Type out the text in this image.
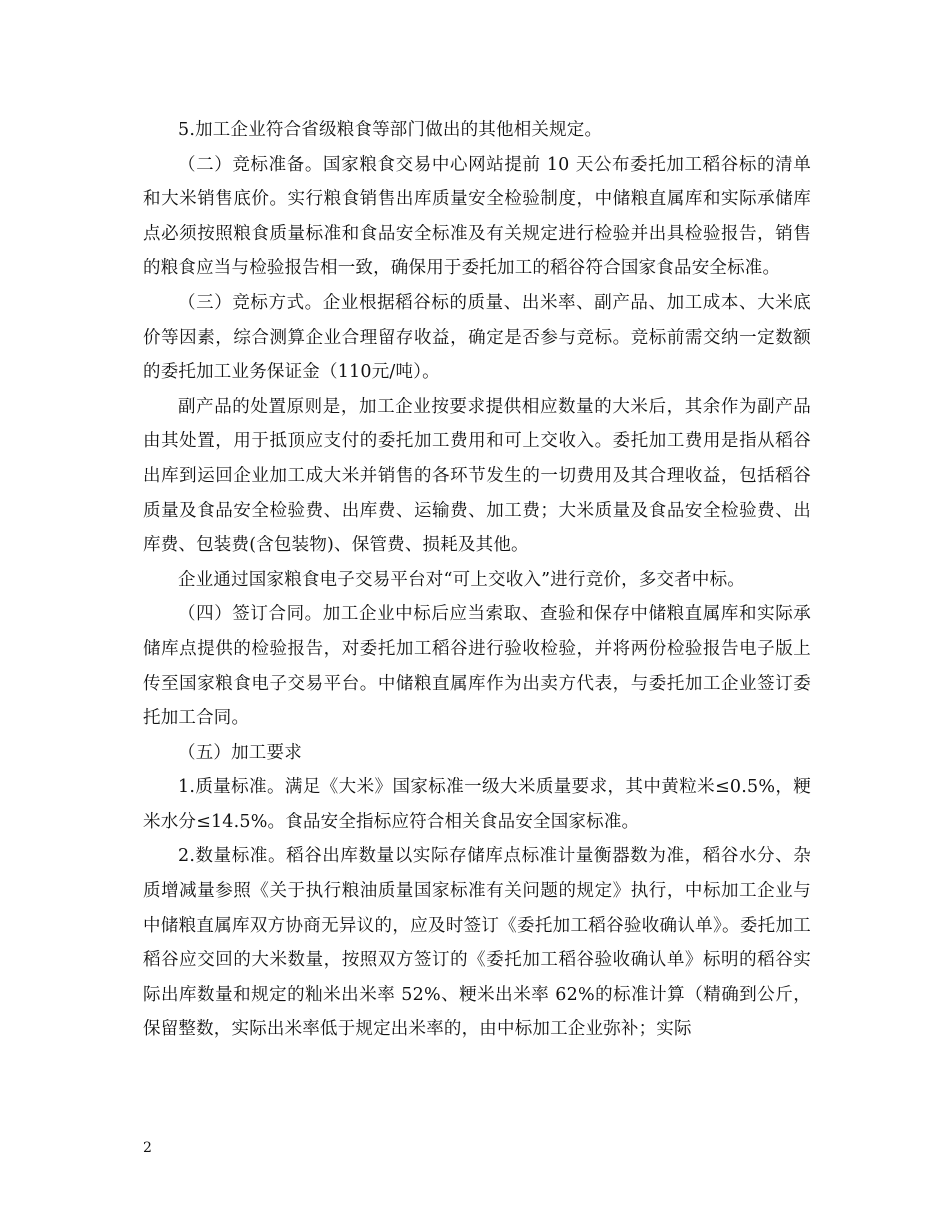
5.加工企业符合省级粮食等部门做出的其他相关规定。

（二）竞标准备。国家粮食交易中心网站提前 10 天公布委托加工稻谷标的清单和大米销售底价。实行粮食销售出库质量安全检验制度，中储粮直属库和实际承储库点必须按照粮食质量标准和食品安全标准及有关规定进行检验并出具检验报告，销售的粮食应当与检验报告相一致，确保用于委托加工的稻谷符合国家食品安全标准。

（三）竞标方式。企业根据稻谷标的质量、出米率、副产品、加工成本、大米底价等因素，综合测算企业合理留存收益，确定是否参与竞标。竞标前需交纳一定数额的委托加工业务保证金（110元/吨）。

副产品的处置原则是，加工企业按要求提供相应数量的大米后，其余作为副产品由其处置，用于抵顶应支付的委托加工费用和可上交收入。委托加工费用是指从稻谷出库到运回企业加工成大米并销售的各环节发生的一切费用及其合理收益，包括稻谷质量及食品安全检验费、出库费、运输费、加工费；大米质量及食品安全检验费、出库费、包装费(含包装物)、保管费、损耗及其他。

企业通过国家粮食电子交易平台对“可上交收入”进行竞价，多交者中标。

（四）签订合同。加工企业中标后应当索取、查验和保存中储粮直属库和实际承储库点提供的检验报告，对委托加工稻谷进行验收检验，并将两份检验报告电子版上传至国家粮食电子交易平台。中储粮直属库作为出卖方代表，与委托加工企业签订委托加工合同。

（五）加工要求

1.质量标准。满足《大米》国家标准一级大米质量要求，其中黄粒米≤0.5%，粳米水分≤14.5%。食品安全指标应符合相关食品安全国家标准。

2.数量标准。稻谷出库数量以实际存储库点标准计量衡器数为准，稻谷水分、杂质增减量参照《关于执行粮油质量国家标准有关问题的规定》执行，中标加工企业与中储粮直属库双方协商无异议的，应及时签订《委托加工稻谷验收确认单》。委托加工稻谷应交回的大米数量，按照双方签订的《委托加工稻谷验收确认单》标明的稻谷实际出库数量和规定的籼米出米率 52%、粳米出米率 62%的标准计算（精确到公斤，保留整数，实际出米率低于规定出米率的，由中标加工企业弥补；实际

2
